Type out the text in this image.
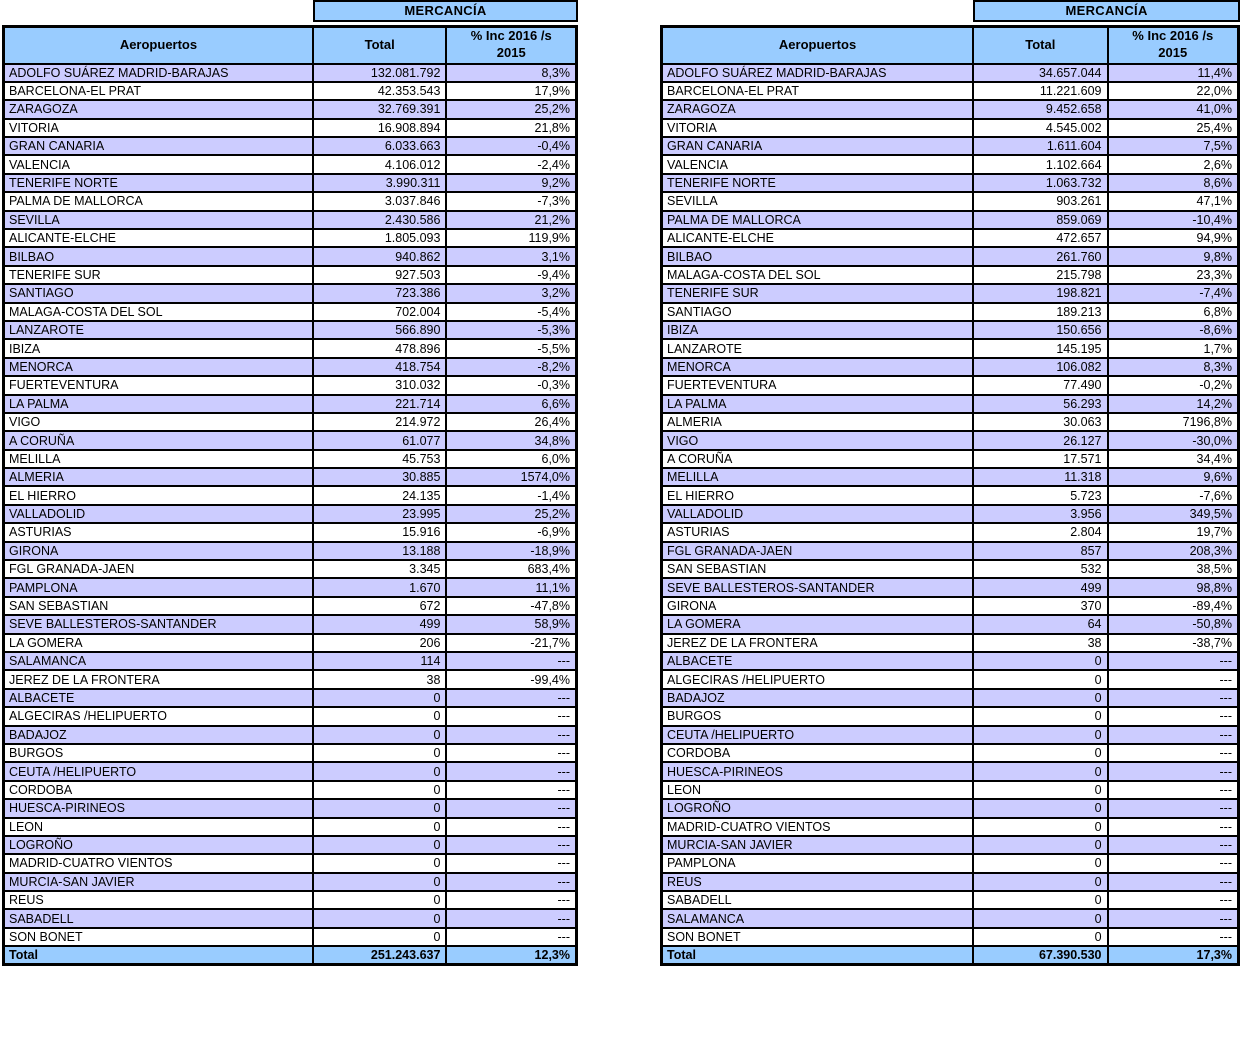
MERCANCÍA
Aeropuertos	Total	% Inc 2016 /s
2015

ADOLFO SUÁREZ MADRID-BARAJAS	132.081.792	8,3%
BARCELONA-EL PRAT	42.353.543	17,9%
ZARAGOZA	32.769.391	25,2%
VITORIA	16.908.894	21,8%
GRAN CANARIA	6.033.663	-0,4%
VALENCIA	4.106.012	-2,4%
TENERIFE NORTE	3.990.311	9,2%
PALMA DE MALLORCA	3.037.846	-7,3%
SEVILLA	2.430.586	21,2%
ALICANTE-ELCHE	1.805.093	119,9%
BILBAO	940.862	3,1%
TENERIFE SUR	927.503	-9,4%
SANTIAGO	723.386	3,2%
MALAGA-COSTA DEL SOL	702.004	-5,4%
LANZAROTE	566.890	-5,3%
IBIZA	478.896	-5,5%
MENORCA	418.754	-8,2%
FUERTEVENTURA	310.032	-0,3%
LA PALMA	221.714	6,6%
VIGO	214.972	26,4%
A CORUÑA	61.077	34,8%
MELILLA	45.753	6,0%
ALMERIA	30.885	1574,0%
EL HIERRO	24.135	-1,4%
VALLADOLID	23.995	25,2%
ASTURIAS	15.916	-6,9%
GIRONA	13.188	-18,9%
FGL GRANADA-JAEN	3.345	683,4%
PAMPLONA	1.670	11,1%
SAN SEBASTIAN	672	-47,8%
SEVE BALLESTEROS-SANTANDER	499	58,9%
LA GOMERA	206	-21,7%
SALAMANCA	114	---
JEREZ DE LA FRONTERA	38	-99,4%
ALBACETE	0	---
ALGECIRAS /HELIPUERTO	0	---
BADAJOZ	0	---
BURGOS	0	---
CEUTA /HELIPUERTO	0	---
CORDOBA	0	---
HUESCA-PIRINEOS	0	---
LEON	0	---
LOGROÑO	0	---
MADRID-CUATRO VIENTOS	0	---
MURCIA-SAN JAVIER	0	---
REUS	0	---
SABADELL	0	---
SON BONET	0	---
Total	251.243.637	12,3%
MERCANCÍA
Aeropuertos	Total	% Inc 2016 /s
2015

ADOLFO SUÁREZ MADRID-BARAJAS	34.657.044	11,4%
BARCELONA-EL PRAT	11.221.609	22,0%
ZARAGOZA	9.452.658	41,0%
VITORIA	4.545.002	25,4%
GRAN CANARIA	1.611.604	7,5%
VALENCIA	1.102.664	2,6%
TENERIFE NORTE	1.063.732	8,6%
SEVILLA	903.261	47,1%
PALMA DE MALLORCA	859.069	-10,4%
ALICANTE-ELCHE	472.657	94,9%
BILBAO	261.760	9,8%
MALAGA-COSTA DEL SOL	215.798	23,3%
TENERIFE SUR	198.821	-7,4%
SANTIAGO	189.213	6,8%
IBIZA	150.656	-8,6%
LANZAROTE	145.195	1,7%
MENORCA	106.082	8,3%
FUERTEVENTURA	77.490	-0,2%
LA PALMA	56.293	14,2%
ALMERIA	30.063	7196,8%
VIGO	26.127	-30,0%
A CORUÑA	17.571	34,4%
MELILLA	11.318	9,6%
EL HIERRO	5.723	-7,6%
VALLADOLID	3.956	349,5%
ASTURIAS	2.804	19,7%
FGL GRANADA-JAEN	857	208,3%
SAN SEBASTIAN	532	38,5%
SEVE BALLESTEROS-SANTANDER	499	98,8%
GIRONA	370	-89,4%
LA GOMERA	64	-50,8%
JEREZ DE LA FRONTERA	38	-38,7%
ALBACETE	0	---
ALGECIRAS /HELIPUERTO	0	---
BADAJOZ	0	---
BURGOS	0	---
CEUTA /HELIPUERTO	0	---
CORDOBA	0	---
HUESCA-PIRINEOS	0	---
LEON	0	---
LOGROÑO	0	---
MADRID-CUATRO VIENTOS	0	---
MURCIA-SAN JAVIER	0	---
PAMPLONA	0	---
REUS	0	---
SABADELL	0	---
SALAMANCA	0	---
SON BONET	0	---
Total	67.390.530	17,3%
